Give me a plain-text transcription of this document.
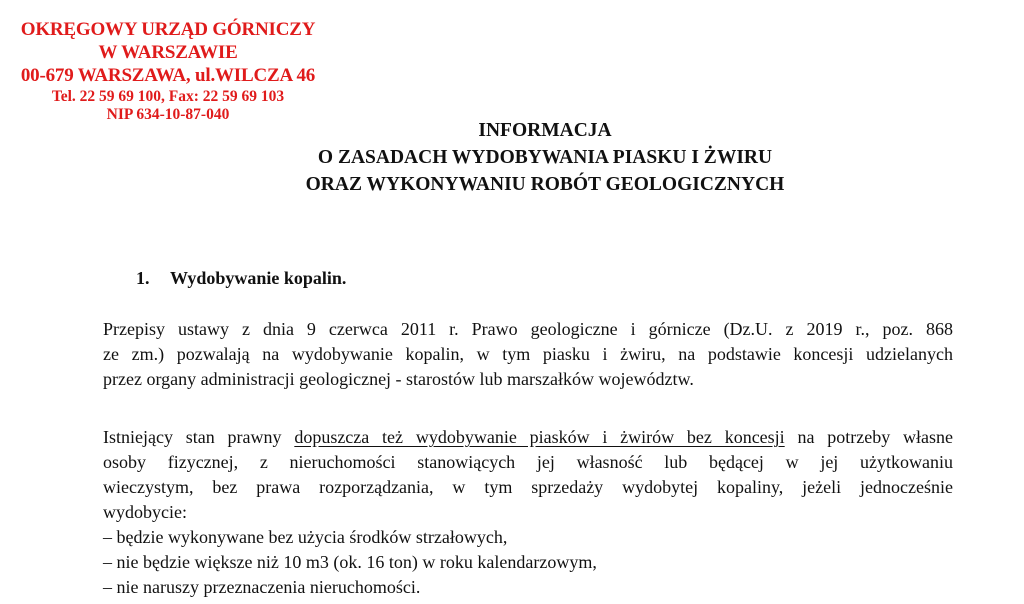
OKRĘGOWY URZĄD GÓRNICZY
W WARSZAWIE
00-679 WARSZAWA, ul.WILCZA 46
Tel. 22 59 69 100, Fax: 22 59 69 103
NIP 634-10-87-040
INFORMACJA
O ZASADACH WYDOBYWANIA PIASKU I ŻWIRU
ORAZ WYKONYWANIU ROBÓT GEOLOGICZNYCH
1. Wydobywanie kopalin.
Przepisy ustawy z dnia 9 czerwca 2011 r. Prawo geologiczne i górnicze (Dz.U. z 2019 r., poz. 868
ze zm.) pozwalają na wydobywanie kopalin, w tym piasku i żwiru, na podstawie koncesji udzielanych
przez organy administracji geologicznej - starostów lub marszałków województw.
Istniejący stan prawny dopuszcza też wydobywanie piasków i żwirów bez koncesji na potrzeby własne
osoby fizycznej, z nieruchomości stanowiących jej własność lub będącej w jej użytkowaniu
wieczystym, bez prawa rozporządzania, w tym sprzedaży wydobytej kopaliny, jeżeli jednocześnie
wydobycie:
– będzie wykonywane bez użycia środków strzałowych,
– nie będzie większe niż 10 m3 (ok. 16 ton) w roku kalendarzowym,
– nie naruszy przeznaczenia nieruchomości.
